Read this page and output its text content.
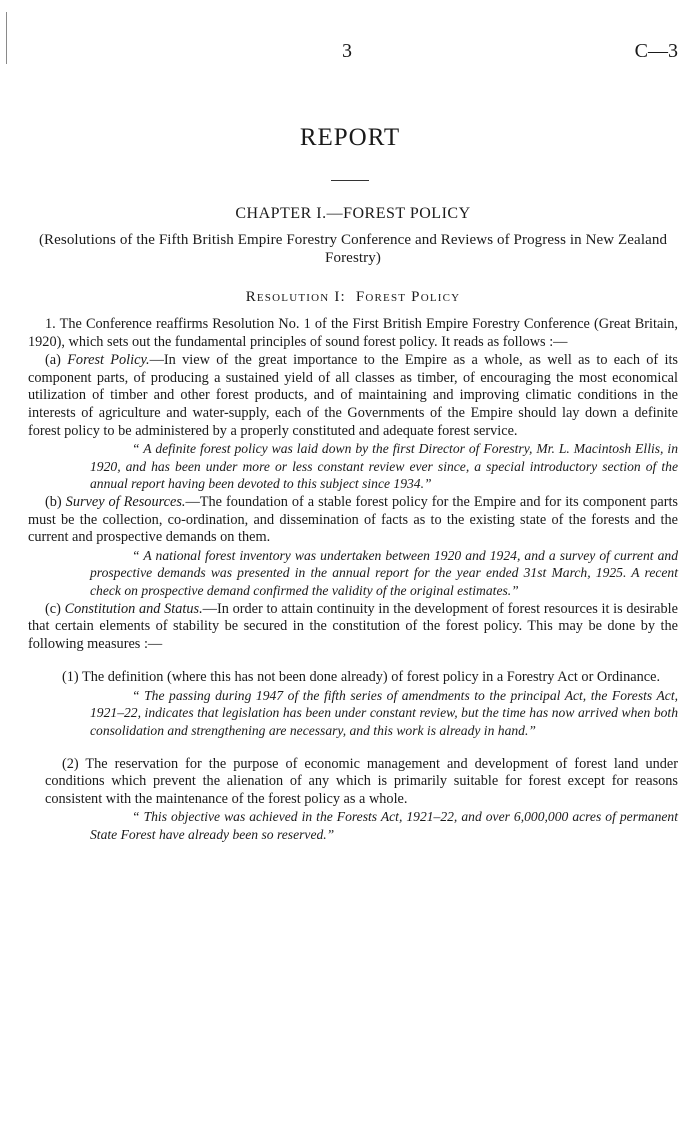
3	C—3
REPORT
CHAPTER I.—FOREST POLICY
(Resolutions of the Fifth British Empire Forestry Conference and Reviews of Progress in New Zealand Forestry)
Resolution I: Forest Policy

1. The Conference reaffirms Resolution No. 1 of the First British Empire Forestry Conference (Great Britain, 1920), which sets out the fundamental principles of sound forest policy. It reads as follows :—

(a) Forest Policy.—In view of the great importance to the Empire as a whole, as well as to each of its component parts, of producing a sustained yield of all classes as timber, of encouraging the most economical utilization of timber and other forest products, and of maintaining and improving climatic conditions in the interests of agriculture and water-supply, each of the Governments of the Empire should lay down a definite forest policy to be administered by a properly constituted and adequate forest service.

“ A definite forest policy was laid down by the first Director of Forestry, Mr. L. Macintosh Ellis, in 1920, and has been under more or less constant review ever since, a special introductory section of the annual report having been devoted to this subject since 1934.”

(b) Survey of Resources.—The foundation of a stable forest policy for the Empire and for its component parts must be the collection, co-ordination, and dissemination of facts as to the existing state of the forests and the current and prospective demands on them.

“ A national forest inventory was undertaken between 1920 and 1924, and a survey of current and prospective demands was presented in the annual report for the year ended 31st March, 1925. A recent check on prospective demand confirmed the validity of the original estimates.”

(c) Constitution and Status.—In order to attain continuity in the development of forest resources it is desirable that certain elements of stability be secured in the constitution of the forest policy. This may be done by the following measures :—

(1) The definition (where this has not been done already) of forest policy in a Forestry Act or Ordinance.

“ The passing during 1947 of the fifth series of amendments to the principal Act, the Forests Act, 1921–22, indicates that legislation has been under constant review, but the time has now arrived when both consolidation and strengthening are necessary, and this work is already in hand.”

(2) The reservation for the purpose of economic management and development of forest land under conditions which prevent the alienation of any which is primarily suitable for forest except for reasons consistent with the maintenance of the forest policy as a whole.

“ This objective was achieved in the Forests Act, 1921–22, and over 6,000,000 acres of permanent State Forest have already been so reserved.”
